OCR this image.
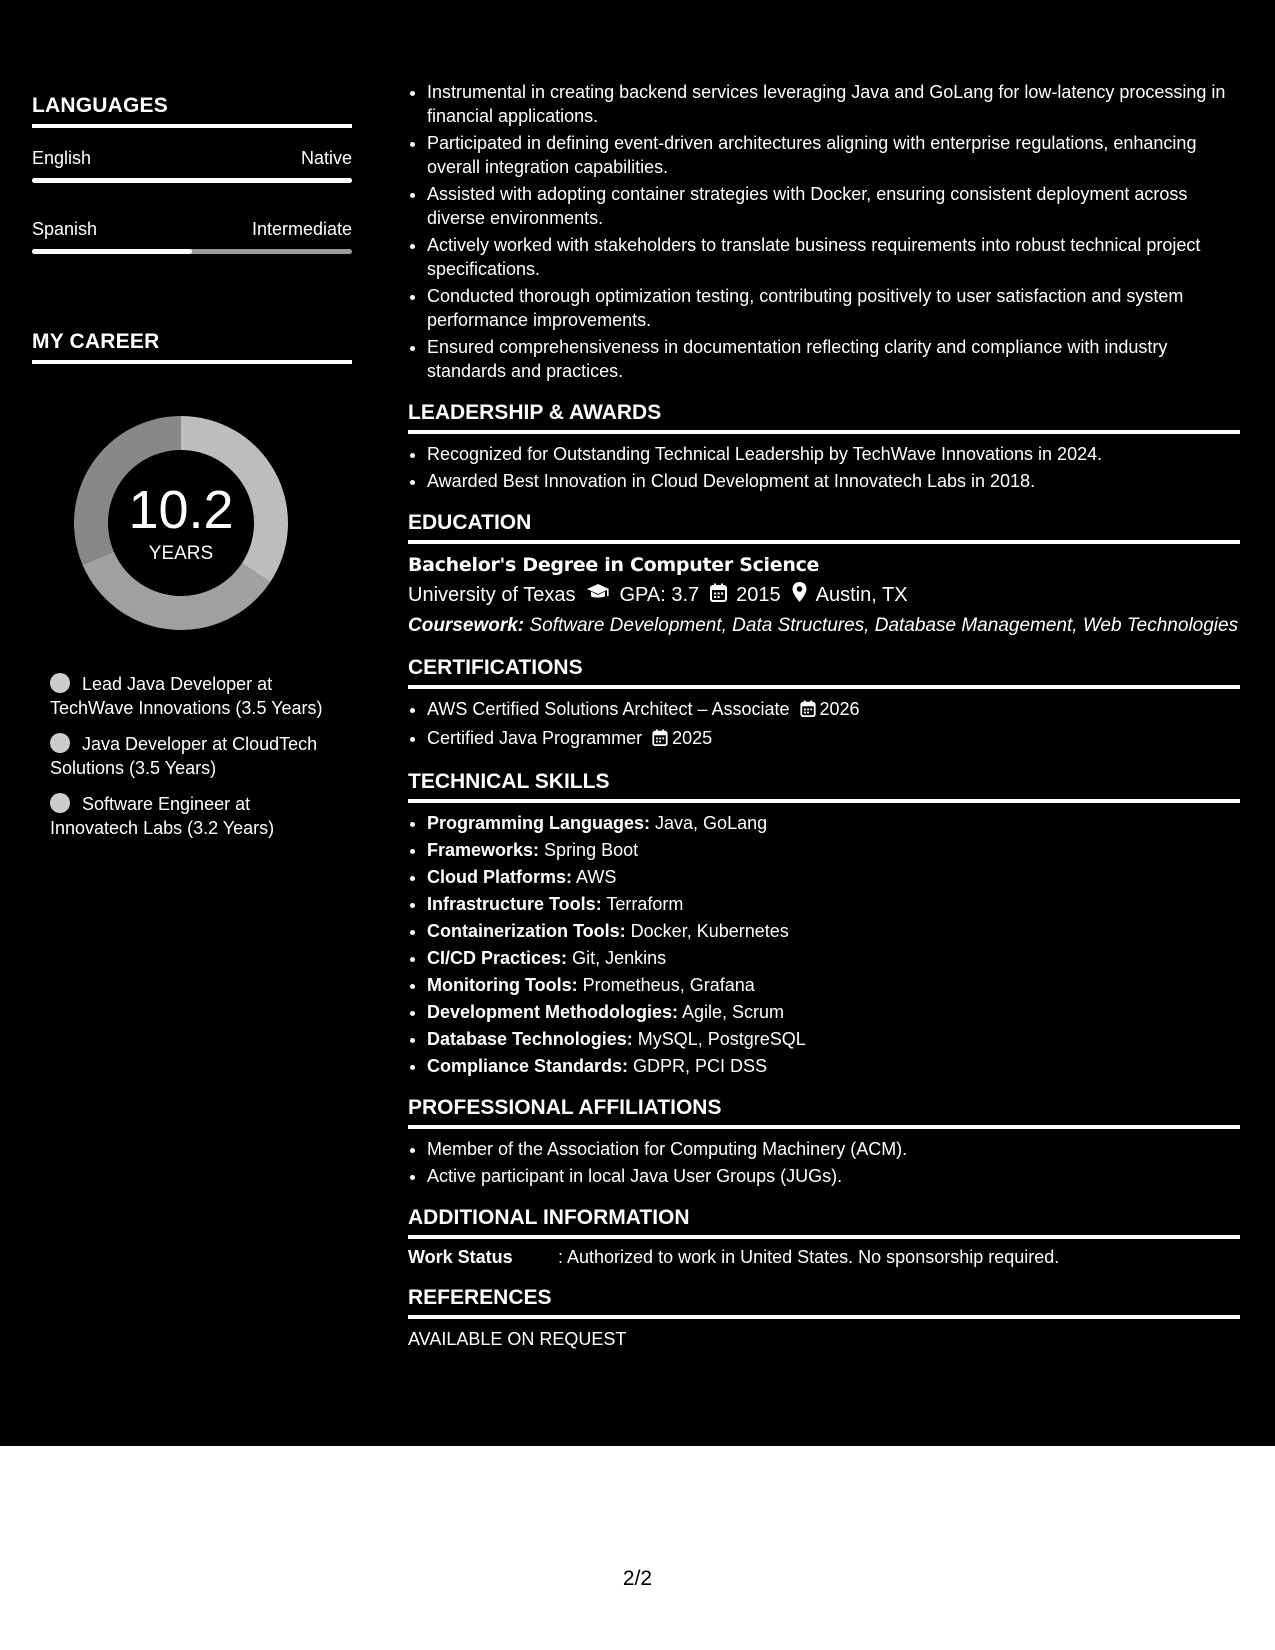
LANGUAGES
English	Native
Spanish	Intermediate
MY CAREER
10.2
YEARS
Lead Java Developer at TechWave Innovations (3.5 Years)
Java Developer at CloudTech Solutions (3.5 Years)
Software Engineer at Innovatech Labs (3.2 Years)
• Instrumental in creating backend services leveraging Java and GoLang for low-latency processing in financial applications.
• Participated in defining event-driven architectures aligning with enterprise regulations, enhancing overall integration capabilities.
• Assisted with adopting container strategies with Docker, ensuring consistent deployment across diverse environments.
• Actively worked with stakeholders to translate business requirements into robust technical project specifications.
• Conducted thorough optimization testing, contributing positively to user satisfaction and system performance improvements.
• Ensured comprehensiveness in documentation reflecting clarity and compliance with industry standards and practices.
LEADERSHIP & AWARDS
• Recognized for Outstanding Technical Leadership by TechWave Innovations in 2024.
• Awarded Best Innovation in Cloud Development at Innovatech Labs in 2018.
EDUCATION
Bachelor's Degree in Computer Science
University of Texas GPA: 3.7 2015 Austin, TX
Coursework: Software Development, Data Structures, Database Management, Web Technologies
CERTIFICATIONS
• AWS Certified Solutions Architect – Associate 2026
• Certified Java Programmer 2025
TECHNICAL SKILLS
• Programming Languages: Java, GoLang
• Frameworks: Spring Boot
• Cloud Platforms: AWS
• Infrastructure Tools: Terraform
• Containerization Tools: Docker, Kubernetes
• CI/CD Practices: Git, Jenkins
• Monitoring Tools: Prometheus, Grafana
• Development Methodologies: Agile, Scrum
• Database Technologies: MySQL, PostgreSQL
• Compliance Standards: GDPR, PCI DSS
PROFESSIONAL AFFILIATIONS
• Member of the Association for Computing Machinery (ACM).
• Active participant in local Java User Groups (JUGs).
ADDITIONAL INFORMATION
Work Status	: Authorized to work in United States. No sponsorship required.
REFERENCES
AVAILABLE ON REQUEST
2/2
